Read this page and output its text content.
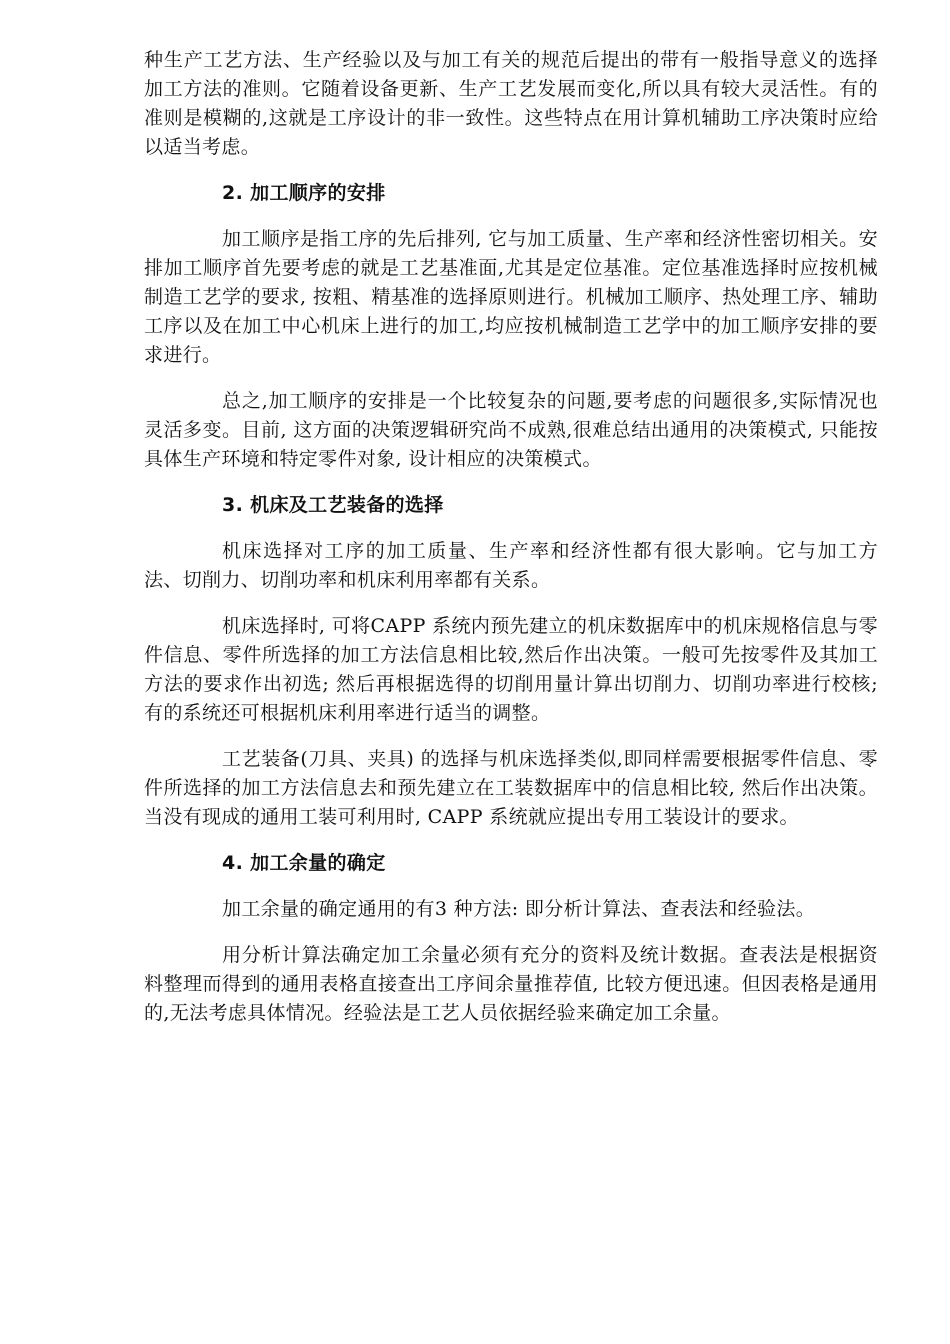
种生产工艺方法、生产经验以及与加工有关的规范后提出的带有一般指导意义的选择加工方法的准则。它随着设备更新、生产工艺发展而变化,所以具有较大灵活性。有的准则是模糊的,这就是工序设计的非一致性。这些特点在用计算机辅助工序决策时应给以适当考虑。

2. 加工顺序的安排

加工顺序是指工序的先后排列, 它与加工质量、生产率和经济性密切相关。安排加工顺序首先要考虑的就是工艺基准面,尤其是定位基准。定位基准选择时应按机械制造工艺学的要求, 按粗、精基准的选择原则进行。机械加工顺序、热处理工序、辅助工序以及在加工中心机床上进行的加工,均应按机械制造工艺学中的加工顺序安排的要求进行。

总之,加工顺序的安排是一个比较复杂的问题,要考虑的问题很多,实际情况也灵活多变。目前, 这方面的决策逻辑研究尚不成熟,很难总结出通用的决策模式, 只能按具体生产环境和特定零件对象, 设计相应的决策模式。

3. 机床及工艺装备的选择

机床选择对工序的加工质量、生产率和经济性都有很大影响。它与加工方法、切削力、切削功率和机床利用率都有关系。

机床选择时, 可将CAPP 系统内预先建立的机床数据库中的机床规格信息与零件信息、零件所选择的加工方法信息相比较,然后作出决策。一般可先按零件及其加工方法的要求作出初选; 然后再根据选得的切削用量计算出切削力、切削功率进行校核; 有的系统还可根据机床利用率进行适当的调整。

工艺装备(刀具、夹具) 的选择与机床选择类似,即同样需要根据零件信息、零件所选择的加工方法信息去和预先建立在工装数据库中的信息相比较, 然后作出决策。当没有现成的通用工装可利用时, CAPP 系统就应提出专用工装设计的要求。

4. 加工余量的确定

加工余量的确定通用的有3 种方法: 即分析计算法、查表法和经验法。

用分析计算法确定加工余量必须有充分的资料及统计数据。查表法是根据资料整理而得到的通用表格直接查出工序间余量推荐值, 比较方便迅速。但因表格是通用的,无法考虑具体情况。经验法是工艺人员依据经验来确定加工余量。
